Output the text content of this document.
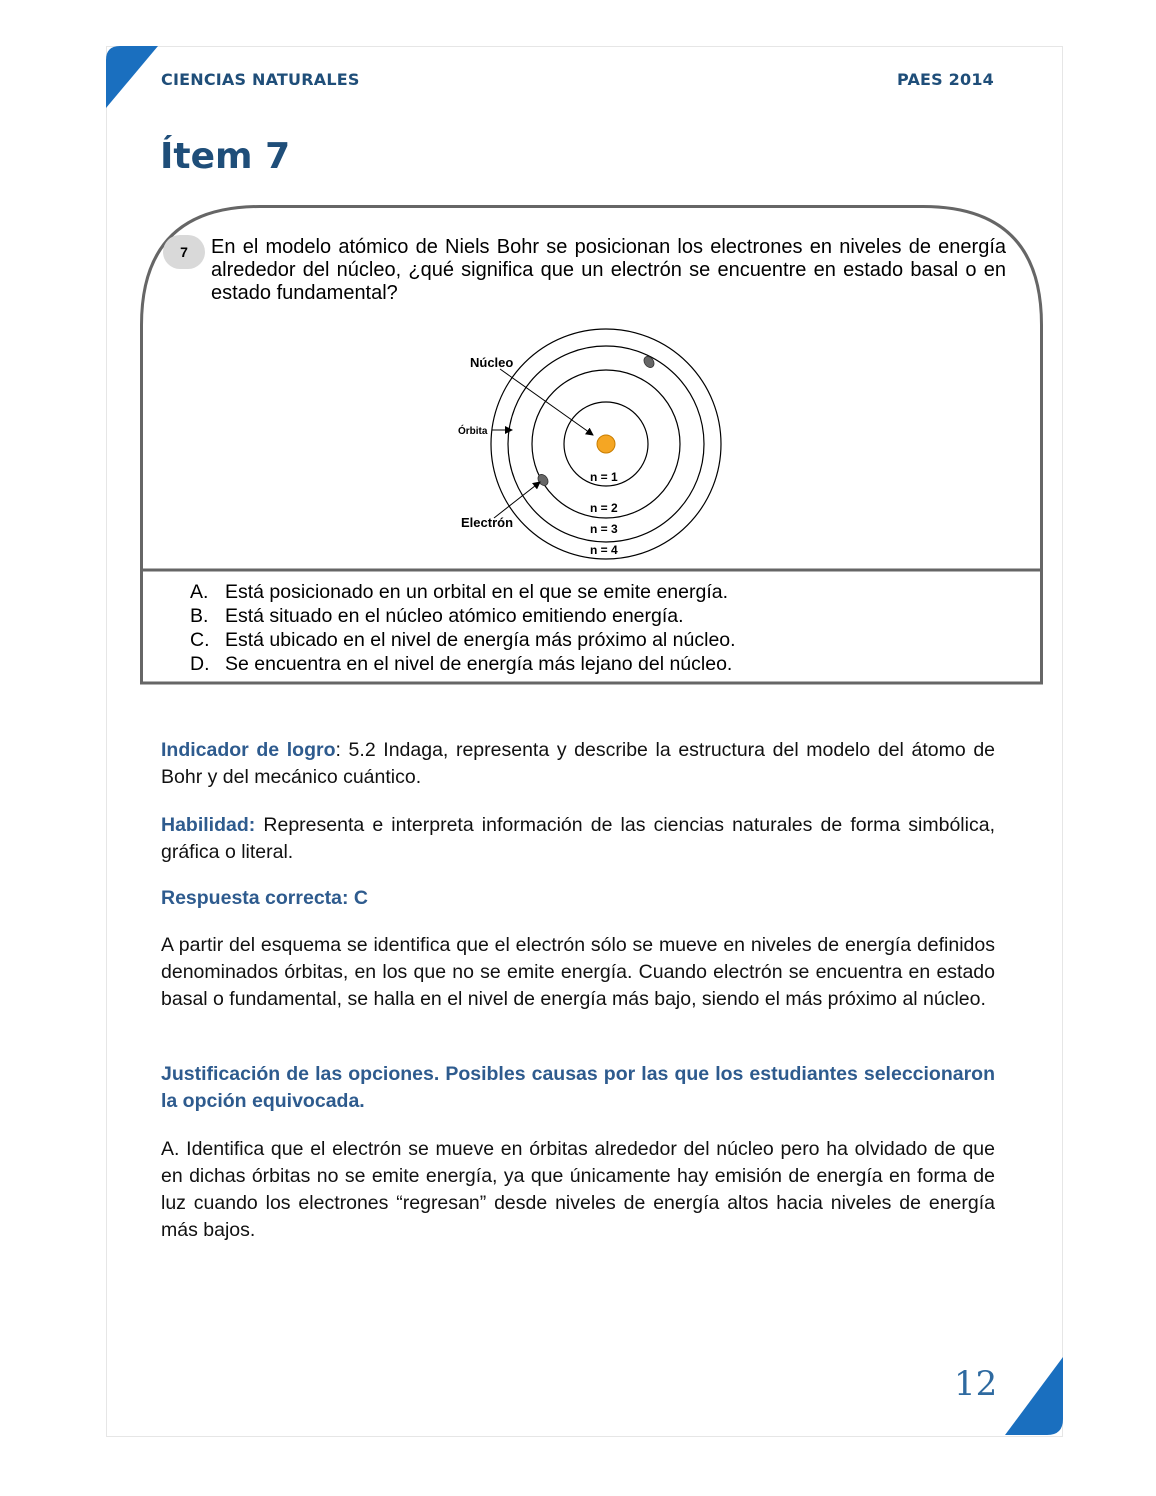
CIENCIAS NATURALES	PAES 2014
Ítem 7
7	En el modelo atómico de Niels Bohr se posicionan los electrones en niveles de energía alrededor del núcleo, ¿qué significa que un electrón se encuentre en estado basal o en estado fundamental?

Núcleo
Órbita
Electrón
n = 1
n = 2
n = 3
n = 4
A. Está posicionado en un orbital en el que se emite energía.
B. Está situado en el núcleo atómico emitiendo energía.
C. Está ubicado en el nivel de energía más próximo al núcleo.
D. Se encuentra en el nivel de energía más lejano del núcleo.

Indicador de logro: 5.2 Indaga, representa y describe la estructura del modelo del átomo de Bohr y del mecánico cuántico.

Habilidad: Representa e interpreta información de las ciencias naturales de forma simbólica, gráfica o literal.

Respuesta correcta: C

A partir del esquema se identifica que el electrón sólo se mueve en niveles de energía definidos denominados órbitas, en los que no se emite energía. Cuando electrón se encuentra en estado basal o fundamental, se halla en el nivel de energía más bajo, siendo el más próximo al núcleo.

Justificación de las opciones. Posibles causas por las que los estudiantes seleccionaron la opción equivocada.

A. Identifica que el electrón se mueve en órbitas alrededor del núcleo pero ha olvidado de que en dichas órbitas no se emite energía, ya que únicamente hay emisión de energía en forma de luz cuando los electrones “regresan” desde niveles de energía altos hacia niveles de energía más bajos.

12
